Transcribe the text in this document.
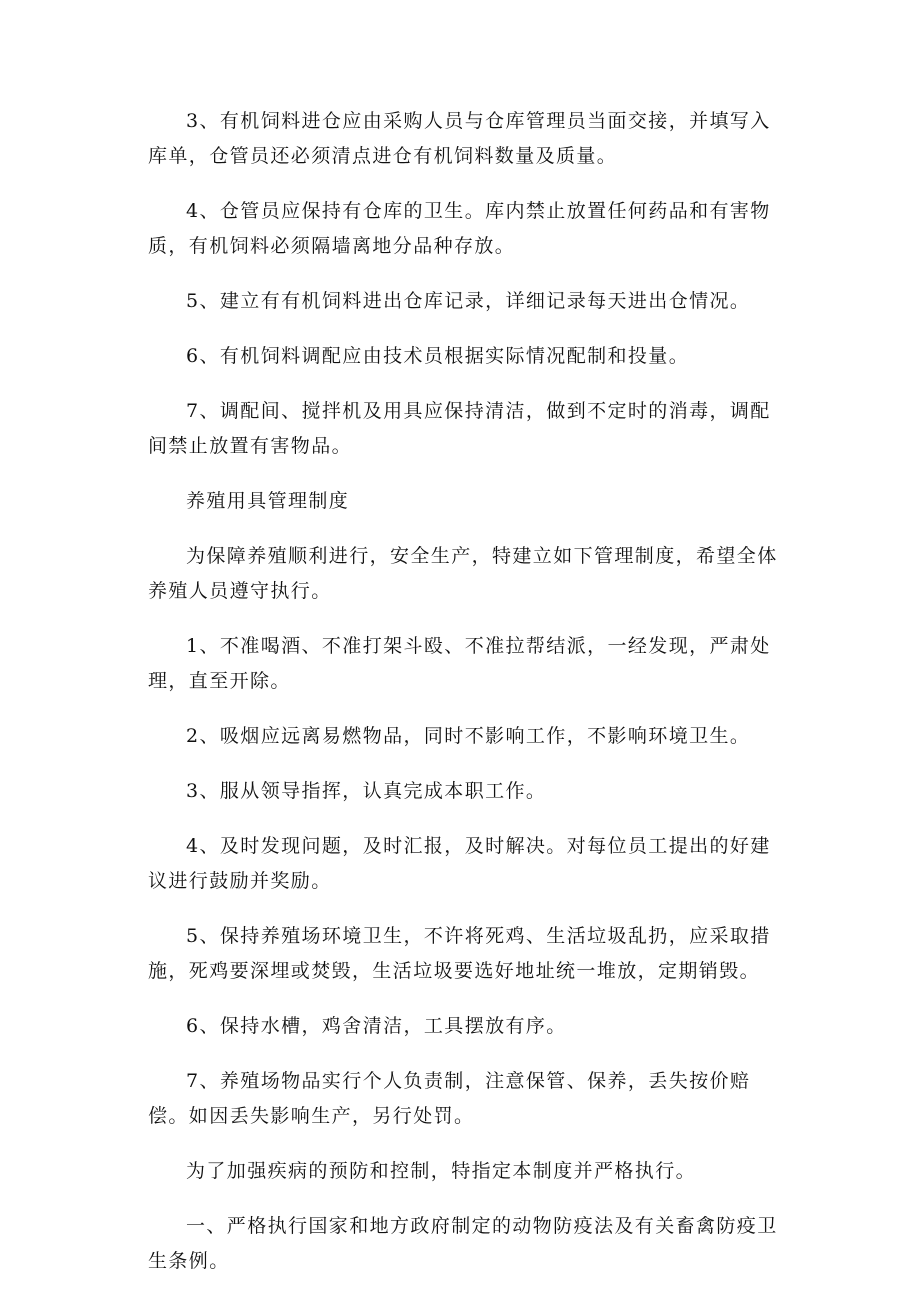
3、有机饲料进仓应由采购人员与仓库管理员当面交接，并填写入库单，仓管员还必须清点进仓有机饲料数量及质量。

4、仓管员应保持有仓库的卫生。库内禁止放置任何药品和有害物质，有机饲料必须隔墙离地分品种存放。

5、建立有有机饲料进出仓库记录，详细记录每天进出仓情况。

6、有机饲料调配应由技术员根据实际情况配制和投量。

7、调配间、搅拌机及用具应保持清洁，做到不定时的消毒，调配间禁止放置有害物品。

养殖用具管理制度

为保障养殖顺利进行，安全生产，特建立如下管理制度，希望全体养殖人员遵守执行。

1、不准喝酒、不准打架斗殴、不准拉帮结派，一经发现，严肃处理，直至开除。

2、吸烟应远离易燃物品，同时不影响工作，不影响环境卫生。

3、服从领导指挥，认真完成本职工作。

4、及时发现问题，及时汇报，及时解决。对每位员工提出的好建议进行鼓励并奖励。

5、保持养殖场环境卫生，不许将死鸡、生活垃圾乱扔，应采取措施，死鸡要深埋或焚毁，生活垃圾要选好地址统一堆放，定期销毁。

6、保持水槽，鸡舍清洁，工具摆放有序。

7、养殖场物品实行个人负责制，注意保管、保养，丢失按价赔偿。如因丢失影响生产，另行处罚。

为了加强疾病的预防和控制，特指定本制度并严格执行。

一、严格执行国家和地方政府制定的动物防疫法及有关畜禽防疫卫生条例。
